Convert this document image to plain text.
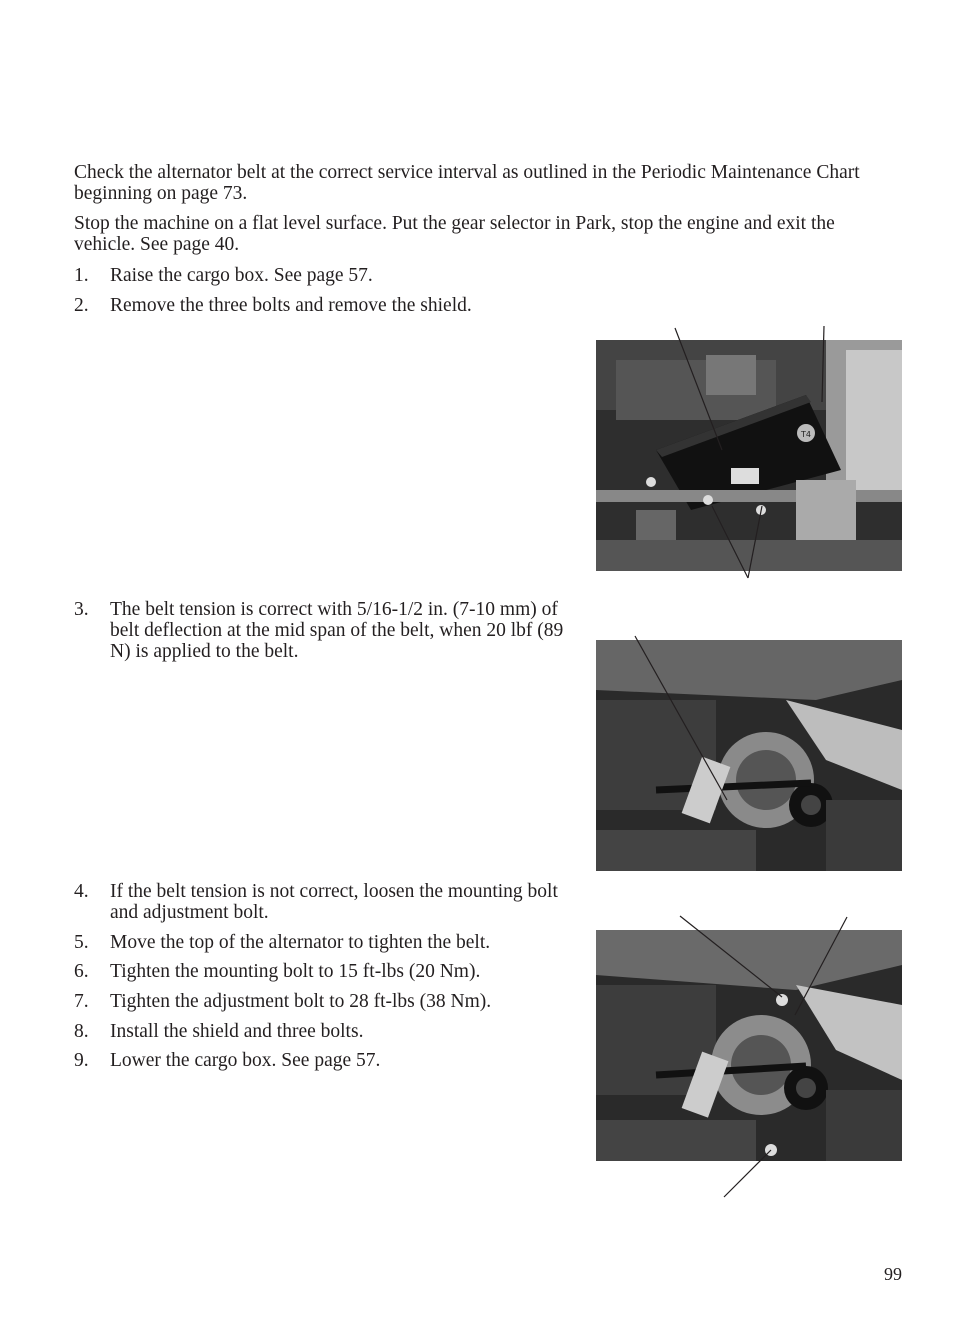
Check the alternator belt at the correct service interval as outlined in the Periodic Maintenance Chart beginning on page 73.

Stop the machine on a flat level surface. Put the gear selector in Park, stop the engine and exit the vehicle. See page 40.

1. Raise the cargo box. See page 57.
2. Remove the three bolts and remove the shield.
T4
3. The belt tension is correct with 5/16-1/2 in. (7-10 mm) of belt deflection at the mid span of the belt, when 20 lbf (89 N) is applied to the belt.
4. If the belt tension is not correct, loosen the mounting bolt and adjustment bolt.
5. Move the top of the alternator to tighten the belt.
6. Tighten the mounting bolt to 15 ft-lbs (20 Nm).
7. Tighten the adjustment bolt to 28 ft-lbs (38 Nm).
8. Install the shield and three bolts.
9. Lower the cargo box. See page 57.
99
